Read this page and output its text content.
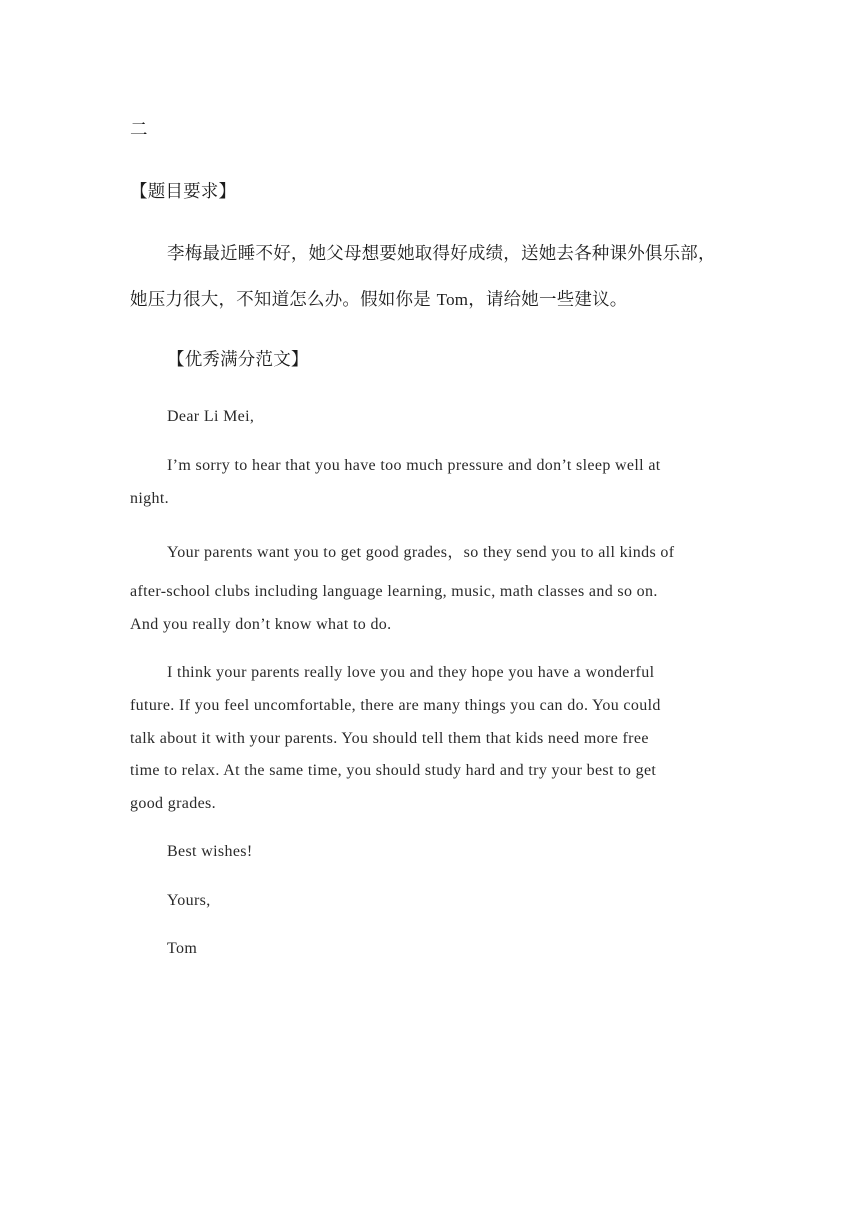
二
【题目要求】
李梅最近睡不好，她父母想要她取得好成绩，送她去各种课外俱乐部，
她压力很大，不知道怎么办。假如你是 Tom，请给她一些建议。
【优秀满分范文】
Dear Li Mei,
I’m sorry to hear that you have too much pressure and don’t sleep well at
night.
Your parents want you to get good grades，so they send you to all kinds of
after-school clubs including language learning, music, math classes and so on.
And you really don’t know what to do.
I think your parents really love you and they hope you have a wonderful
future. If you feel uncomfortable, there are many things you can do. You could
talk about it with your parents. You should tell them that kids need more free
time to relax. At the same time, you should study hard and try your best to get
good grades.
Best wishes!
Yours,
Tom
